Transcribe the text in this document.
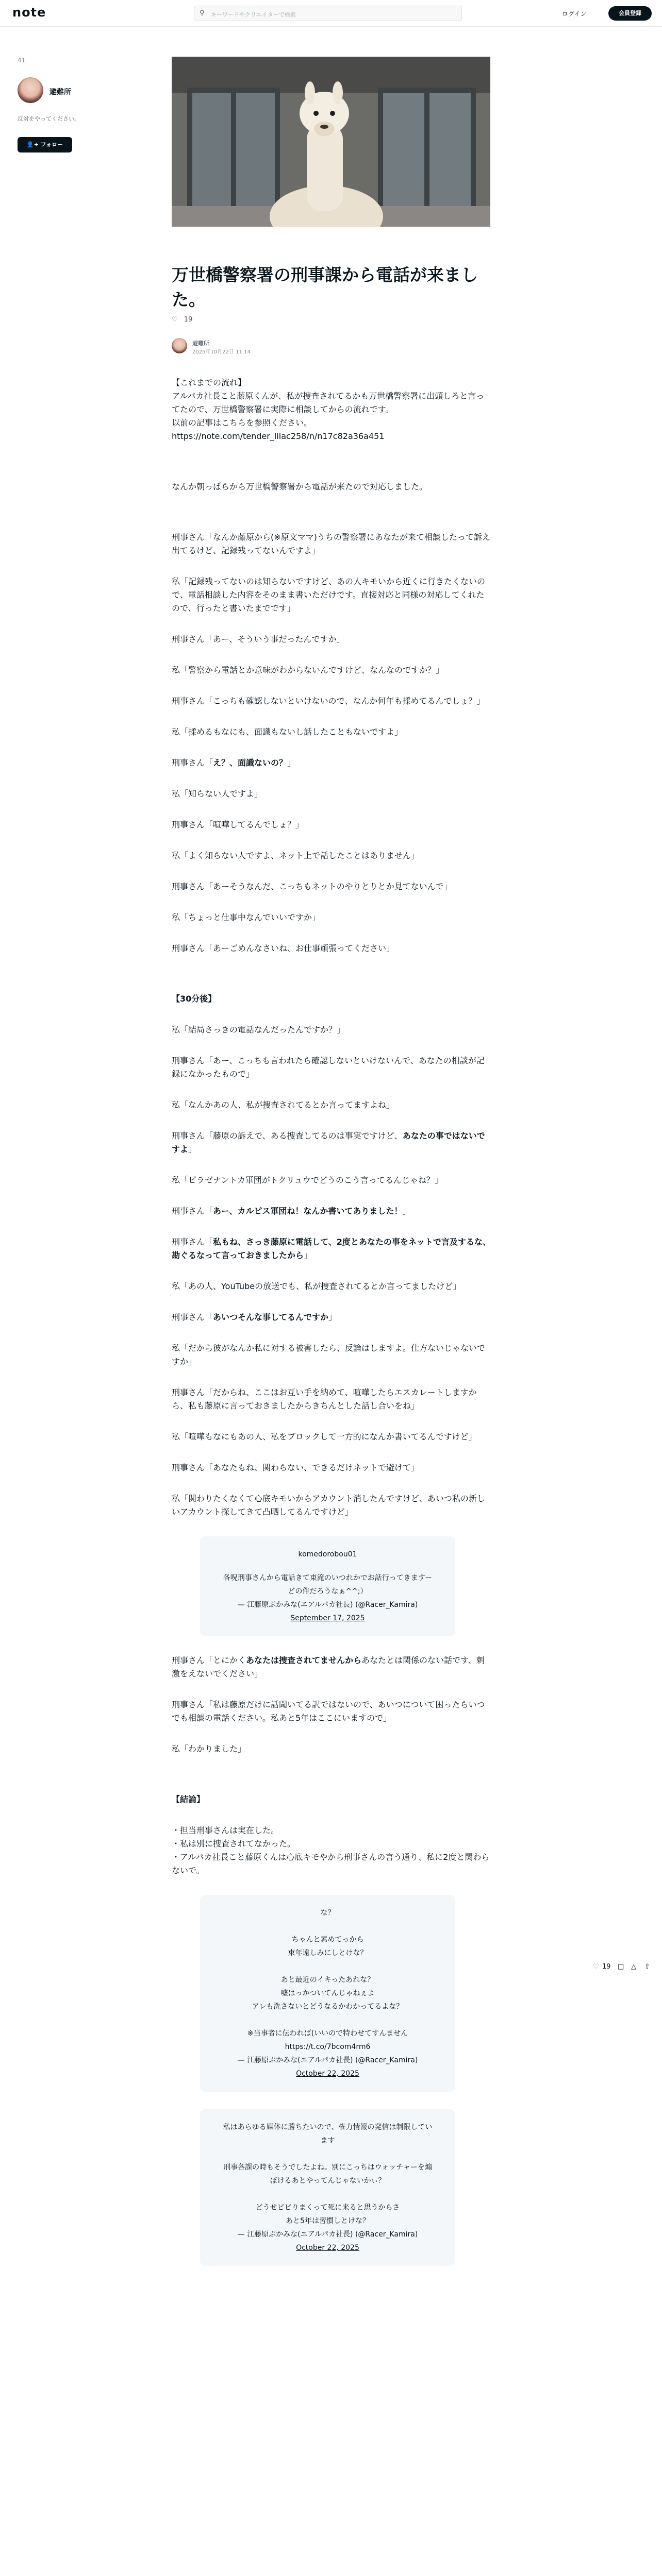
note	⚲ キーワードやクリエイターで検索	ログイン	会員登録
41
避難所
反対をやってください。
👤+ フォロー
万世橋警察署の刑事課から電話が来ました。
♡ 19
避難所
2025年10月22日 11:14

【これまでの流れ】
アルパカ社長こと藤原くんが、私が捜査されてるかも万世橋警察署に出頭しろと言ってたので、万世橋警察署に実際に相談してからの流れです。
以前の記事はこちらを参照ください。
https://note.com/tender_lilac258/n/n17c82a36a451

なんか朝っぱらから万世橋警察署から電話が来たので対応しました。

刑事さん「なんか藤原から(※原文ママ)うちの警察署にあなたが来て相談したって訴え出てるけど、記録残ってないんですよ」

私「記録残ってないのは知らないですけど、あの人キモいから近くに行きたくないので、電話相談した内容をそのまま書いただけです。直接対応と同様の対応してくれたので、行ったと書いたまでです」

刑事さん「あー、そういう事だったんですか」

私「警察から電話とか意味がわからないんですけど、なんなのですか？」

刑事さん「こっちも確認しないといけないので、なんか何年も揉めてるんでしょ？」

私「揉めるもなにも、面識もないし話したこともないですよ」

刑事さん「え？、面識ないの？」

私「知らない人ですよ」

刑事さん「喧嘩してるんでしょ？」

私「よく知らない人ですよ、ネット上で話したことはありません」

刑事さん「あーそうなんだ、こっちもネットのやりとりとか見てないんで」

私「ちょっと仕事中なんでいいですか」

刑事さん「あーごめんなさいね、お仕事頑張ってください」

【30分後】

私「結局さっきの電話なんだったんですか？」

刑事さん「あー、こっちも言われたら確認しないといけないんで、あなたの相談が記録になかったもので」

私「なんかあの人、私が捜査されてるとか言ってますよね」

刑事さん「藤原の訴えで、ある捜査してるのは事実ですけど、あなたの事ではないですよ」

私「ピラゼナントカ軍団がトクリュウでどうのこう言ってるんじゃね？」

刑事さん「あー、カルピス軍団ね！なんか書いてありました！」

刑事さん「私もね、さっき藤原に電話して、2度とあなたの事をネットで言及するな、勘ぐるなって言っておきましたから」

私「あの人、YouTubeの放送でも、私が捜査されてるとか言ってましたけど」

刑事さん「あいつそんな事してるんですか」

私「だから彼がなんか私に対する被害したら、反論はしますよ。仕方ないじゃないですか」

刑事さん「だからね、ここはお互い手を納めて、喧嘩したらエスカレートしますから、私も藤原に言っておきましたからきちんとした話し合いをね」

私「喧嘩もなにもあの人、私をブロックして一方的になんか書いてるんですけど」

刑事さん「あなたもね、関わらない、できるだけネットで避けて」

私「関わりたくなくて心底キモいからアカウント消したんですけど、あいつ私の新しいアカウント探してきて凸晒してるんですけど」

komedorobou01

各呪刑事さんから電話きて東滝のいつれかでお話行ってきますー

どの件だろうなぁ^^;）

— 江藤原ぷかみな(エアルパカ社長) (@Racer_Kamira)

September 17, 2025

刑事さん「とにかくあなたは捜査されてませんからあなたとは関係のない話です、刺激をえないでください」

刑事さん「私は藤原だけに話聞いてる訳ではないので、あいつについて困ったらいつでも相談の電話ください。私あと5年はここにいますので」

私「わかりました」

【結論】

・担当刑事さんは実在した。
・私は別に捜査されてなかった。
・アルパカ社長こと藤原くんは心底キモやから刑事さんの言う通り、私に2度と関わらないで。

な？

ちゃんと素めてっから
束年遠しみにしとけな？

あと最近のイキったあれな？
嘘はっかついてんじゃねぇよ
アレも洗さないとどうなるかわかってるよな？

※当事者に伝われば(いいので特わせてすんませんhttps://t.co/7bcom4rm6

— 江藤原ぷかみな(エアルパカ社長) (@Racer_Kamira)

October 22, 2025

私はあらゆる媒体に勝ちたいので、権力情報の発信は制限しています

刑事各課の時もそうでしたよね。別にこっちはウォッチャーを煽ぼけるあとやってんじゃないかぃ？

どうせビビりまくって死に来ると思うからさ
あと5年は習慣しとけな？

— 江藤原ぷかみな(エアルパカ社長) (@Racer_Kamira)

October 22, 2025

♡ 19 □ △ ⇧
